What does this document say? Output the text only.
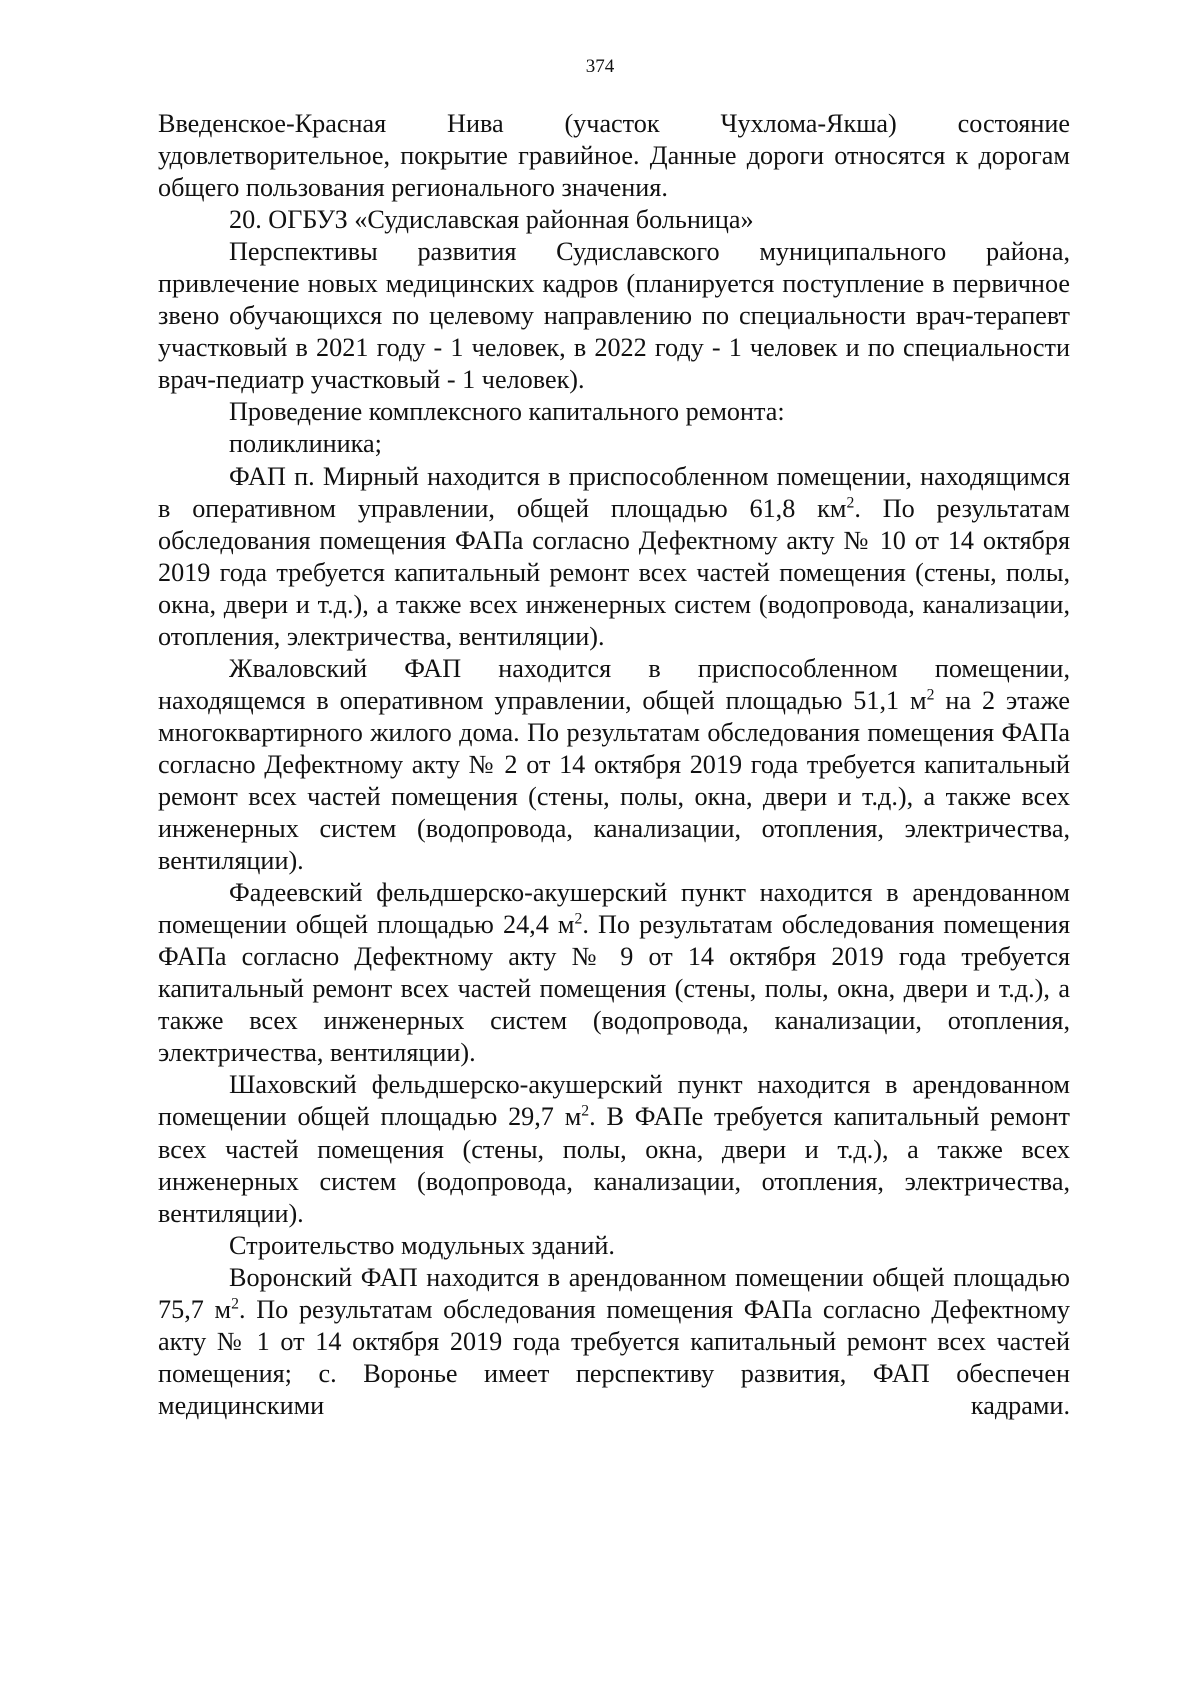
374

Введенское-Красная Нива (участок Чухлома-Якша) состояние удовлетворительное, покрытие гравийное. Данные дороги относятся к дорогам общего пользования регионального значения.

20. ОГБУЗ «Судиславская районная больница»

Перспективы развития Судиславского муниципального района, привлечение новых медицинских кадров (планируется поступление в первичное звено обучающихся по целевому направлению по специальности врач-терапевт участковый в 2021 году - 1 человек, в 2022 году - 1 человек и по специальности врач-педиатр участковый - 1 человек).

Проведение комплексного капитального ремонта:

поликлиника;

ФАП п. Мирный находится в приспособленном помещении, находящимся в оперативном управлении, общей площадью 61,8 $км^2$. По результатам обследования помещения ФАПа согласно Дефектному акту № 10 от 14 октября 2019 года требуется капитальный ремонт всех частей помещения (стены, полы, окна, двери и т.д.), а также всех инженерных систем (водопровода, канализации, отопления, электричества, вентиляции).

Жваловский ФАП находится в приспособленном помещении, находящемся в оперативном управлении, общей площадью 51,1 $м^2$ на 2 этаже многоквартирного жилого дома. По результатам обследования помещения ФАПа согласно Дефектному акту № 2 от 14 октября 2019 года требуется капитальный ремонт всех частей помещения (стены, полы, окна, двери и т.д.), а также всех инженерных систем (водопровода, канализации, отопления, электричества, вентиляции).

Фадеевский фельдшерско-акушерский пункт находится в арендованном помещении общей площадью 24,4 $м^2$. По результатам обследования помещения ФАПа согласно Дефектному акту № 9 от 14 октября 2019 года требуется капитальный ремонт всех частей помещения (стены, полы, окна, двери и т.д.), а также всех инженерных систем (водопровода, канализации, отопления, электричества, вентиляции).

Шаховский фельдшерско-акушерский пункт находится в арендованном помещении общей площадью 29,7 $м^2$. В ФАПе требуется капитальный ремонт всех частей помещения (стены, полы, окна, двери и т.д.), а также всех инженерных систем (водопровода, канализации, отопления, электричества, вентиляции).

Строительство модульных зданий.

Воронский ФАП находится в арендованном помещении общей площадью 75,7 $м^2$. По результатам обследования помещения ФАПа согласно Дефектному акту № 1 от 14 октября 2019 года требуется капитальный ремонт всех частей помещения; с. Воронье имеет перспективу развития, ФАП обеспечен медицинскими кадрами.
